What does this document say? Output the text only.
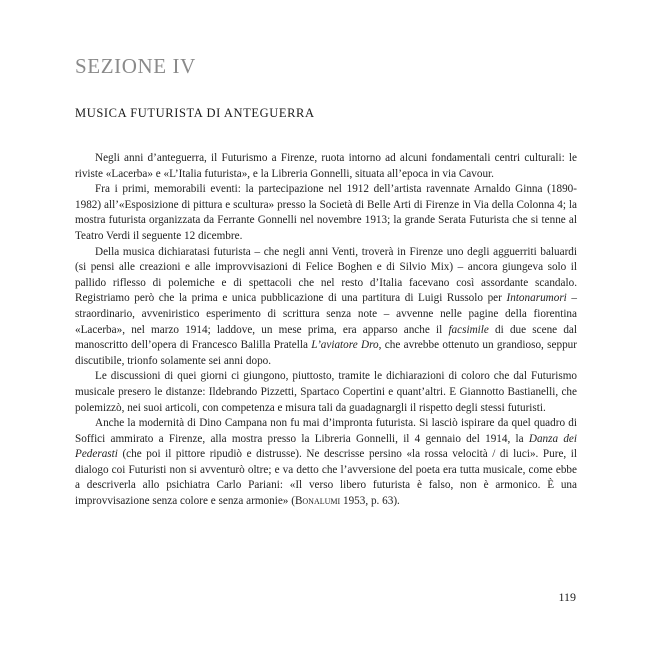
SEZIONE IV
MUSICA FUTURISTA DI ANTEGUERRA

Negli anni d’anteguerra, il Futurismo a Firenze, ruota intorno ad alcuni fondamentali centri culturali: le riviste «Lacerba» e «L’Italia futurista», e la Libreria Gonnelli, situata all’epoca in via Cavour.

Fra i primi, memorabili eventi: la partecipazione nel 1912 dell’artista ravennate Arnaldo Ginna (1890-1982) all’«Esposizione di pittura e scultura» presso la Società di Belle Arti di Firenze in Via della Colonna 4; la mostra futurista organizzata da Ferrante Gonnelli nel novembre 1913; la grande Serata Futurista che si tenne al Teatro Verdi il seguente 12 dicembre.

Della musica dichiaratasi futurista – che negli anni Venti, troverà in Firenze uno degli agguerriti baluardi (si pensi alle creazioni e alle improvvisazioni di Felice Boghen e di Silvio Mix) – ancora giungeva solo il pallido riflesso di polemiche e di spettacoli che nel resto d’Italia facevano così assordante scandalo. Registriamo però che la prima e unica pubblicazione di una partitura di Luigi Russolo per Intonarumori – straordinario, avveniristico esperimento di scrittura senza note – avvenne nelle pagine della fiorentina «Lacerba», nel marzo 1914; laddove, un mese prima, era apparso anche il facsimile di due scene dal manoscritto dell’opera di Francesco Balilla Pratella L’aviatore Dro, che avrebbe ottenuto un grandioso, seppur discutibile, trionfo solamente sei anni dopo.

Le discussioni di quei giorni ci giungono, piuttosto, tramite le dichiarazioni di coloro che dal Futurismo musicale presero le distanze: Ildebrando Pizzetti, Spartaco Copertini e quant’altri. E Giannotto Bastianelli, che polemizzò, nei suoi articoli, con competenza e misura tali da guadagnargli il rispetto degli stessi futuristi.

Anche la modernità di Dino Campana non fu mai d’impronta futurista. Si lasciò ispirare da quel quadro di Soffici ammirato a Firenze, alla mostra presso la Libreria Gonnelli, il 4 gennaio del 1914, la Danza dei Pederasti (che poi il pittore ripudiò e distrusse). Ne descrisse persino «la rossa velocità / di luci». Pure, il dialogo coi Futuristi non si avventurò oltre; e va detto che l’avversione del poeta era tutta musicale, come ebbe a descriverla allo psichiatra Carlo Pariani: «Il verso libero futurista è falso, non è armonico. È una improvvisazione senza colore e senza armonie» (Bonalumi 1953, p. 63).

119
